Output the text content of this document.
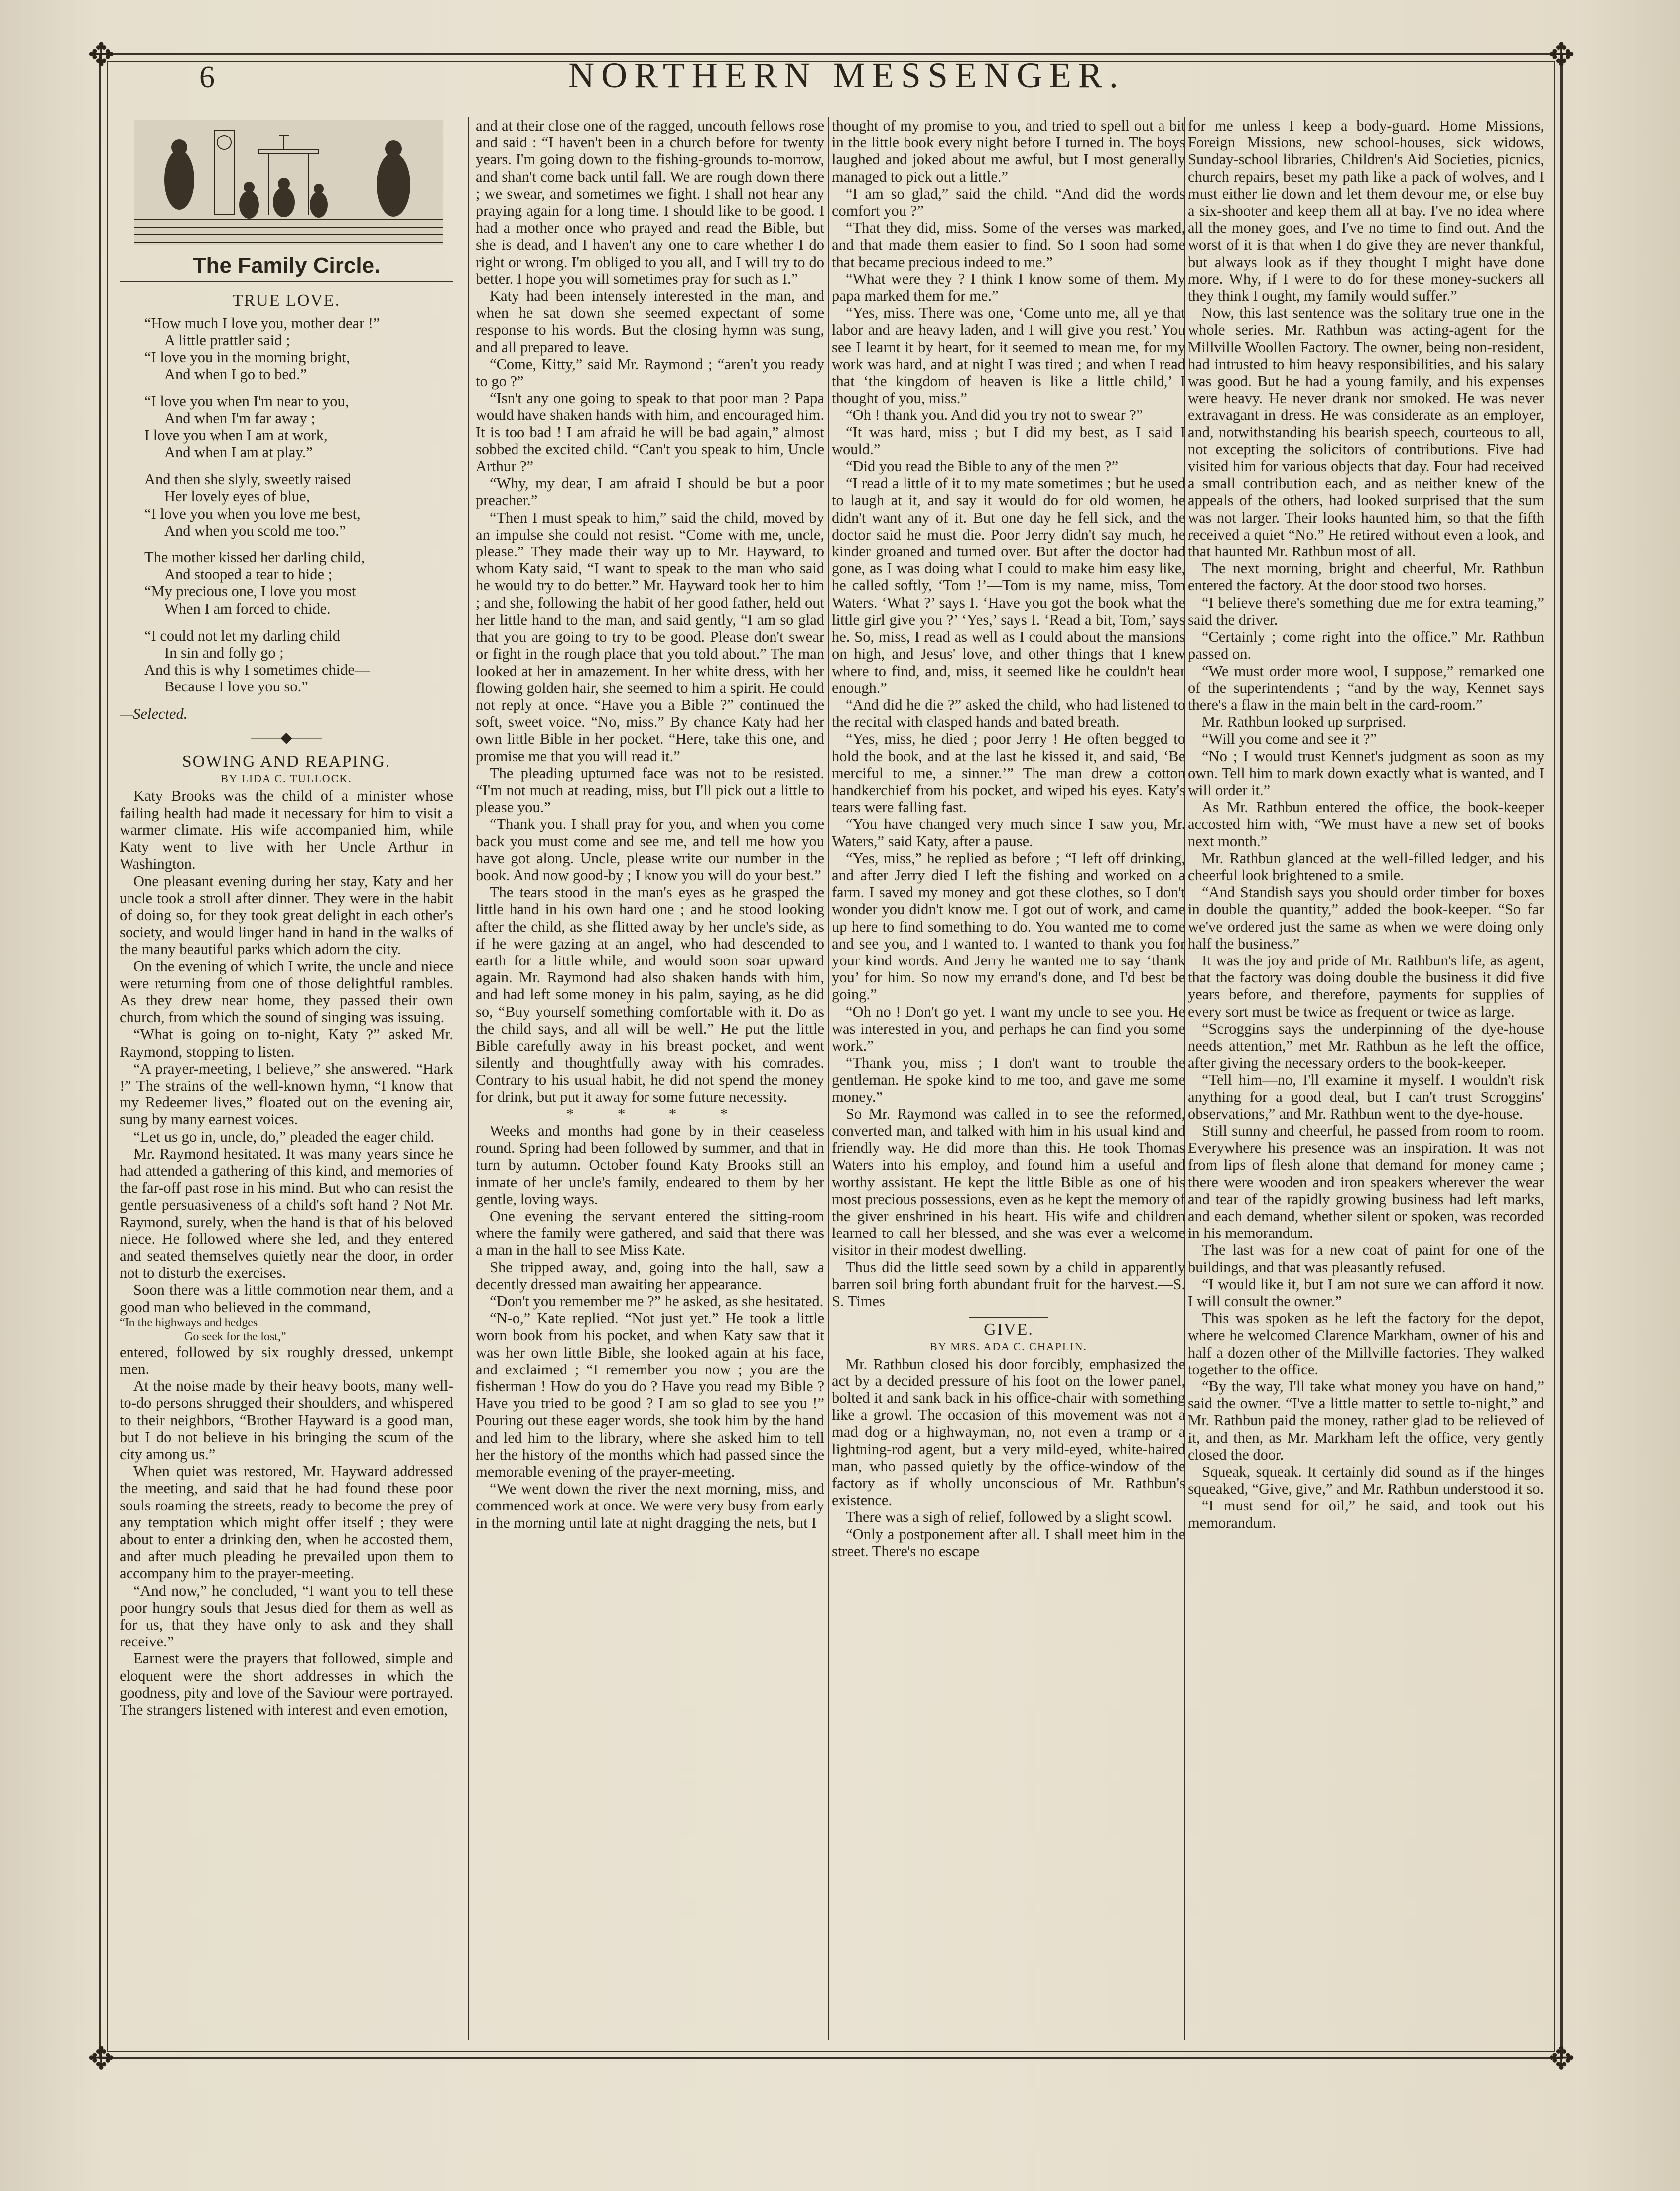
✥	✥
✥	✥
6	NORTHERN MESSENGER.
The Family Circle.

TRUE LOVE.

“How much I love you, mother dear !”

A little prattler said ;

“I love you in the morning bright,

And when I go to bed.”

“I love you when I'm near to you,

And when I'm far away ;

I love you when I am at work,

And when I am at play.”

And then she slyly, sweetly raised

Her lovely eyes of blue,

“I love you when you love me best,

And when you scold me too.”

The mother kissed her darling child,

And stooped a tear to hide ;

“My precious one, I love you most

When I am forced to chide.

“I could not let my darling child

In sin and folly go ;

And this is why I sometimes chide—

Because I love you so.”

—Selected.

——◆——

SOWING AND REAPING.

BY LIDA C. TULLOCK.

Katy Brooks was the child of a minister whose failing health had made it necessary for him to visit a warmer climate. His wife accompanied him, while Katy went to live with her Uncle Arthur in Washington.

One pleasant evening during her stay, Katy and her uncle took a stroll after dinner. They were in the habit of doing so, for they took great delight in each other's society, and would linger hand in hand in the walks of the many beautiful parks which adorn the city.

On the evening of which I write, the uncle and niece were returning from one of those delightful rambles. As they drew near home, they passed their own church, from which the sound of singing was issuing.

“What is going on to-night, Katy ?” asked Mr. Raymond, stopping to listen.

“A prayer-meeting, I believe,” she answered. “Hark !” The strains of the well-known hymn, “I know that my Redeemer lives,” floated out on the evening air, sung by many earnest voices.

“Let us go in, uncle, do,” pleaded the eager child.

Mr. Raymond hesitated. It was many years since he had attended a gathering of this kind, and memories of the far-off past rose in his mind. But who can resist the gentle persuasiveness of a child's soft hand ? Not Mr. Raymond, surely, when the hand is that of his beloved niece. He followed where she led, and they entered and seated themselves quietly near the door, in order not to disturb the exercises.

Soon there was a little commotion near them, and a good man who believed in the command,

“In the highways and hedges

Go seek for the lost,”

entered, followed by six roughly dressed, unkempt men.

At the noise made by their heavy boots, many well-to-do persons shrugged their shoulders, and whispered to their neighbors, “Brother Hayward is a good man, but I do not believe in his bringing the scum of the city among us.”

When quiet was restored, Mr. Hayward addressed the meeting, and said that he had found these poor souls roaming the streets, ready to become the prey of any temptation which might offer itself ; they were about to enter a drinking den, when he accosted them, and after much pleading he prevailed upon them to accompany him to the prayer-meeting.

“And now,” he concluded, “I want you to tell these poor hungry souls that Jesus died for them as well as for us, that they have only to ask and they shall receive.”

Earnest were the prayers that followed, simple and eloquent were the short addresses in which the goodness, pity and love of the Saviour were portrayed. The strangers listened with interest and even emotion,

and at their close one of the ragged, uncouth fellows rose and said : “I haven't been in a church before for twenty years. I'm going down to the fishing-grounds to-morrow, and shan't come back until fall. We are rough down there ; we swear, and sometimes we fight. I shall not hear any praying again for a long time. I should like to be good. I had a mother once who prayed and read the Bible, but she is dead, and I haven't any one to care whether I do right or wrong. I'm obliged to you all, and I will try to do better. I hope you will sometimes pray for such as I.”

Katy had been intensely interested in the man, and when he sat down she seemed expectant of some response to his words. But the closing hymn was sung, and all prepared to leave.

“Come, Kitty,” said Mr. Raymond ; “aren't you ready to go ?”

“Isn't any one going to speak to that poor man ? Papa would have shaken hands with him, and encouraged him. It is too bad ! I am afraid he will be bad again,” almost sobbed the excited child. “Can't you speak to him, Uncle Arthur ?”

“Why, my dear, I am afraid I should be but a poor preacher.”

“Then I must speak to him,” said the child, moved by an impulse she could not resist. “Come with me, uncle, please.” They made their way up to Mr. Hayward, to whom Katy said, “I want to speak to the man who said he would try to do better.” Mr. Hayward took her to him ; and she, following the habit of her good father, held out her little hand to the man, and said gently, “I am so glad that you are going to try to be good. Please don't swear or fight in the rough place that you told about.” The man looked at her in amazement. In her white dress, with her flowing golden hair, she seemed to him a spirit. He could not reply at once. “Have you a Bible ?” continued the soft, sweet voice. “No, miss.” By chance Katy had her own little Bible in her pocket. “Here, take this one, and promise me that you will read it.”

The pleading upturned face was not to be resisted. “I'm not much at reading, miss, but I'll pick out a little to please you.”

“Thank you. I shall pray for you, and when you come back you must come and see me, and tell me how you have got along. Uncle, please write our number in the book. And now good-by ; I know you will do your best.”

The tears stood in the man's eyes as he grasped the little hand in his own hard one ; and he stood looking after the child, as she flitted away by her uncle's side, as if he were gazing at an angel, who had descended to earth for a little while, and would soon soar upward again. Mr. Raymond had also shaken hands with him, and had left some money in his palm, saying, as he did so, “Buy yourself something comfortable with it. Do as the child says, and all will be well.” He put the little Bible carefully away in his breast pocket, and went silently and thoughtfully away with his comrades. Contrary to his usual habit, he did not spend the money for drink, but put it away for some future necessity.

* * * *

Weeks and months had gone by in their ceaseless round. Spring had been followed by summer, and that in turn by autumn. October found Katy Brooks still an inmate of her uncle's family, endeared to them by her gentle, loving ways.

One evening the servant entered the sitting-room where the family were gathered, and said that there was a man in the hall to see Miss Kate.

She tripped away, and, going into the hall, saw a decently dressed man awaiting her appearance.

“Don't you remember me ?” he asked, as she hesitated.

“N-o,” Kate replied. “Not just yet.” He took a little worn book from his pocket, and when Katy saw that it was her own little Bible, she looked again at his face, and exclaimed ; “I remember you now ; you are the fisherman ! How do you do ? Have you read my Bible ? Have you tried to be good ? I am so glad to see you !” Pouring out these eager words, she took him by the hand and led him to the library, where she asked him to tell her the history of the months which had passed since the memorable evening of the prayer-meeting.

“We went down the river the next morning, miss, and commenced work at once. We were very busy from early in the morning until late at night dragging the nets, but I

thought of my promise to you, and tried to spell out a bit in the little book every night before I turned in. The boys laughed and joked about me awful, but I most generally managed to pick out a little.”

“I am so glad,” said the child. “And did the words comfort you ?”

“That they did, miss. Some of the verses was marked, and that made them easier to find. So I soon had some that became precious indeed to me.”

“What were they ? I think I know some of them. My papa marked them for me.”

“Yes, miss. There was one, ‘Come unto me, all ye that labor and are heavy laden, and I will give you rest.’ You see I learnt it by heart, for it seemed to mean me, for my work was hard, and at night I was tired ; and when I read that ‘the kingdom of heaven is like a little child,’ I thought of you, miss.”

“Oh ! thank you. And did you try not to swear ?”

“It was hard, miss ; but I did my best, as I said I would.”

“Did you read the Bible to any of the men ?”

“I read a little of it to my mate sometimes ; but he used to laugh at it, and say it would do for old women, he didn't want any of it. But one day he fell sick, and the doctor said he must die. Poor Jerry didn't say much, he kinder groaned and turned over. But after the doctor had gone, as I was doing what I could to make him easy like, he called softly, ‘Tom !’—Tom is my name, miss, Tom Waters. ‘What ?’ says I. ‘Have you got the book what the little girl give you ?’ ‘Yes,’ says I. ‘Read a bit, Tom,’ says he. So, miss, I read as well as I could about the mansions on high, and Jesus' love, and other things that I knew where to find, and, miss, it seemed like he couldn't hear enough.”

“And did he die ?” asked the child, who had listened to the recital with clasped hands and bated breath.

“Yes, miss, he died ; poor Jerry ! He often begged to hold the book, and at the last he kissed it, and said, ‘Be merciful to me, a sinner.’” The man drew a cotton handkerchief from his pocket, and wiped his eyes. Katy's tears were falling fast.

“You have changed very much since I saw you, Mr. Waters,” said Katy, after a pause.

“Yes, miss,” he replied as before ; “I left off drinking, and after Jerry died I left the fishing and worked on a farm. I saved my money and got these clothes, so I don't wonder you didn't know me. I got out of work, and came up here to find something to do. You wanted me to come and see you, and I wanted to. I wanted to thank you for your kind words. And Jerry he wanted me to say ‘thank you’ for him. So now my errand's done, and I'd best be going.”

“Oh no ! Don't go yet. I want my uncle to see you. He was interested in you, and perhaps he can find you some work.”

“Thank you, miss ; I don't want to trouble the gentleman. He spoke kind to me too, and gave me some money.”

So Mr. Raymond was called in to see the reformed, converted man, and talked with him in his usual kind and friendly way. He did more than this. He took Thomas Waters into his employ, and found him a useful and worthy assistant. He kept the little Bible as one of his most precious possessions, even as he kept the memory of the giver enshrined in his heart. His wife and children learned to call her blessed, and she was ever a welcome visitor in their modest dwelling.

Thus did the little seed sown by a child in apparently barren soil bring forth abundant fruit for the harvest.—S. S. Times

GIVE.

BY MRS. ADA C. CHAPLIN.

Mr. Rathbun closed his door forcibly, emphasized the act by a decided pressure of his foot on the lower panel, bolted it and sank back in his office-chair with something like a growl. The occasion of this movement was not a mad dog or a highwayman, no, not even a tramp or a lightning-rod agent, but a very mild-eyed, white-haired man, who passed quietly by the office-window of the factory as if wholly unconscious of Mr. Rathbun's existence.

There was a sigh of relief, followed by a slight scowl.

“Only a postponement after all. I shall meet him in the street. There's no escape

for me unless I keep a body-guard. Home Missions, Foreign Missions, new school-houses, sick widows, Sunday-school libraries, Children's Aid Societies, picnics, church repairs, beset my path like a pack of wolves, and I must either lie down and let them devour me, or else buy a six-shooter and keep them all at bay. I've no idea where all the money goes, and I've no time to find out. And the worst of it is that when I do give they are never thankful, but always look as if they thought I might have done more. Why, if I were to do for these money-suckers all they think I ought, my family would suffer.”

Now, this last sentence was the solitary true one in the whole series. Mr. Rathbun was acting-agent for the Millville Woollen Factory. The owner, being non-resident, had intrusted to him heavy responsibilities, and his salary was good. But he had a young family, and his expenses were heavy. He never drank nor smoked. He was never extravagant in dress. He was considerate as an employer, and, notwithstanding his bearish speech, courteous to all, not excepting the solicitors of contributions. Five had visited him for various objects that day. Four had received a small contribution each, and as neither knew of the appeals of the others, had looked surprised that the sum was not larger. Their looks haunted him, so that the fifth received a quiet “No.” He retired without even a look, and that haunted Mr. Rathbun most of all.

The next morning, bright and cheerful, Mr. Rathbun entered the factory. At the door stood two horses.

“I believe there's something due me for extra teaming,” said the driver.

“Certainly ; come right into the office.” Mr. Rathbun passed on.

“We must order more wool, I suppose,” remarked one of the superintendents ; “and by the way, Kennet says there's a flaw in the main belt in the card-room.”

Mr. Rathbun looked up surprised.

“Will you come and see it ?”

“No ; I would trust Kennet's judgment as soon as my own. Tell him to mark down exactly what is wanted, and I will order it.”

As Mr. Rathbun entered the office, the book-keeper accosted him with, “We must have a new set of books next month.”

Mr. Rathbun glanced at the well-filled ledger, and his cheerful look brightened to a smile.

“And Standish says you should order timber for boxes in double the quantity,” added the book-keeper. “So far we've ordered just the same as when we were doing only half the business.”

It was the joy and pride of Mr. Rathbun's life, as agent, that the factory was doing double the business it did five years before, and therefore, payments for supplies of every sort must be twice as frequent or twice as large.

“Scroggins says the underpinning of the dye-house needs attention,” met Mr. Rathbun as he left the office, after giving the necessary orders to the book-keeper.

“Tell him—no, I'll examine it myself. I wouldn't risk anything for a good deal, but I can't trust Scroggins' observations,” and Mr. Rathbun went to the dye-house.

Still sunny and cheerful, he passed from room to room. Everywhere his presence was an inspiration. It was not from lips of flesh alone that demand for money came ; there were wooden and iron speakers wherever the wear and tear of the rapidly growing business had left marks, and each demand, whether silent or spoken, was recorded in his memorandum.

The last was for a new coat of paint for one of the buildings, and that was pleasantly refused.

“I would like it, but I am not sure we can afford it now. I will consult the owner.”

This was spoken as he left the factory for the depot, where he welcomed Clarence Markham, owner of his and half a dozen other of the Millville factories. They walked together to the office.

“By the way, I'll take what money you have on hand,” said the owner. “I've a little matter to settle to-night,” and Mr. Rathbun paid the money, rather glad to be relieved of it, and then, as Mr. Markham left the office, very gently closed the door.

Squeak, squeak. It certainly did sound as if the hinges squeaked, “Give, give,” and Mr. Rathbun understood it so.

“I must send for oil,” he said, and took out his memorandum.
